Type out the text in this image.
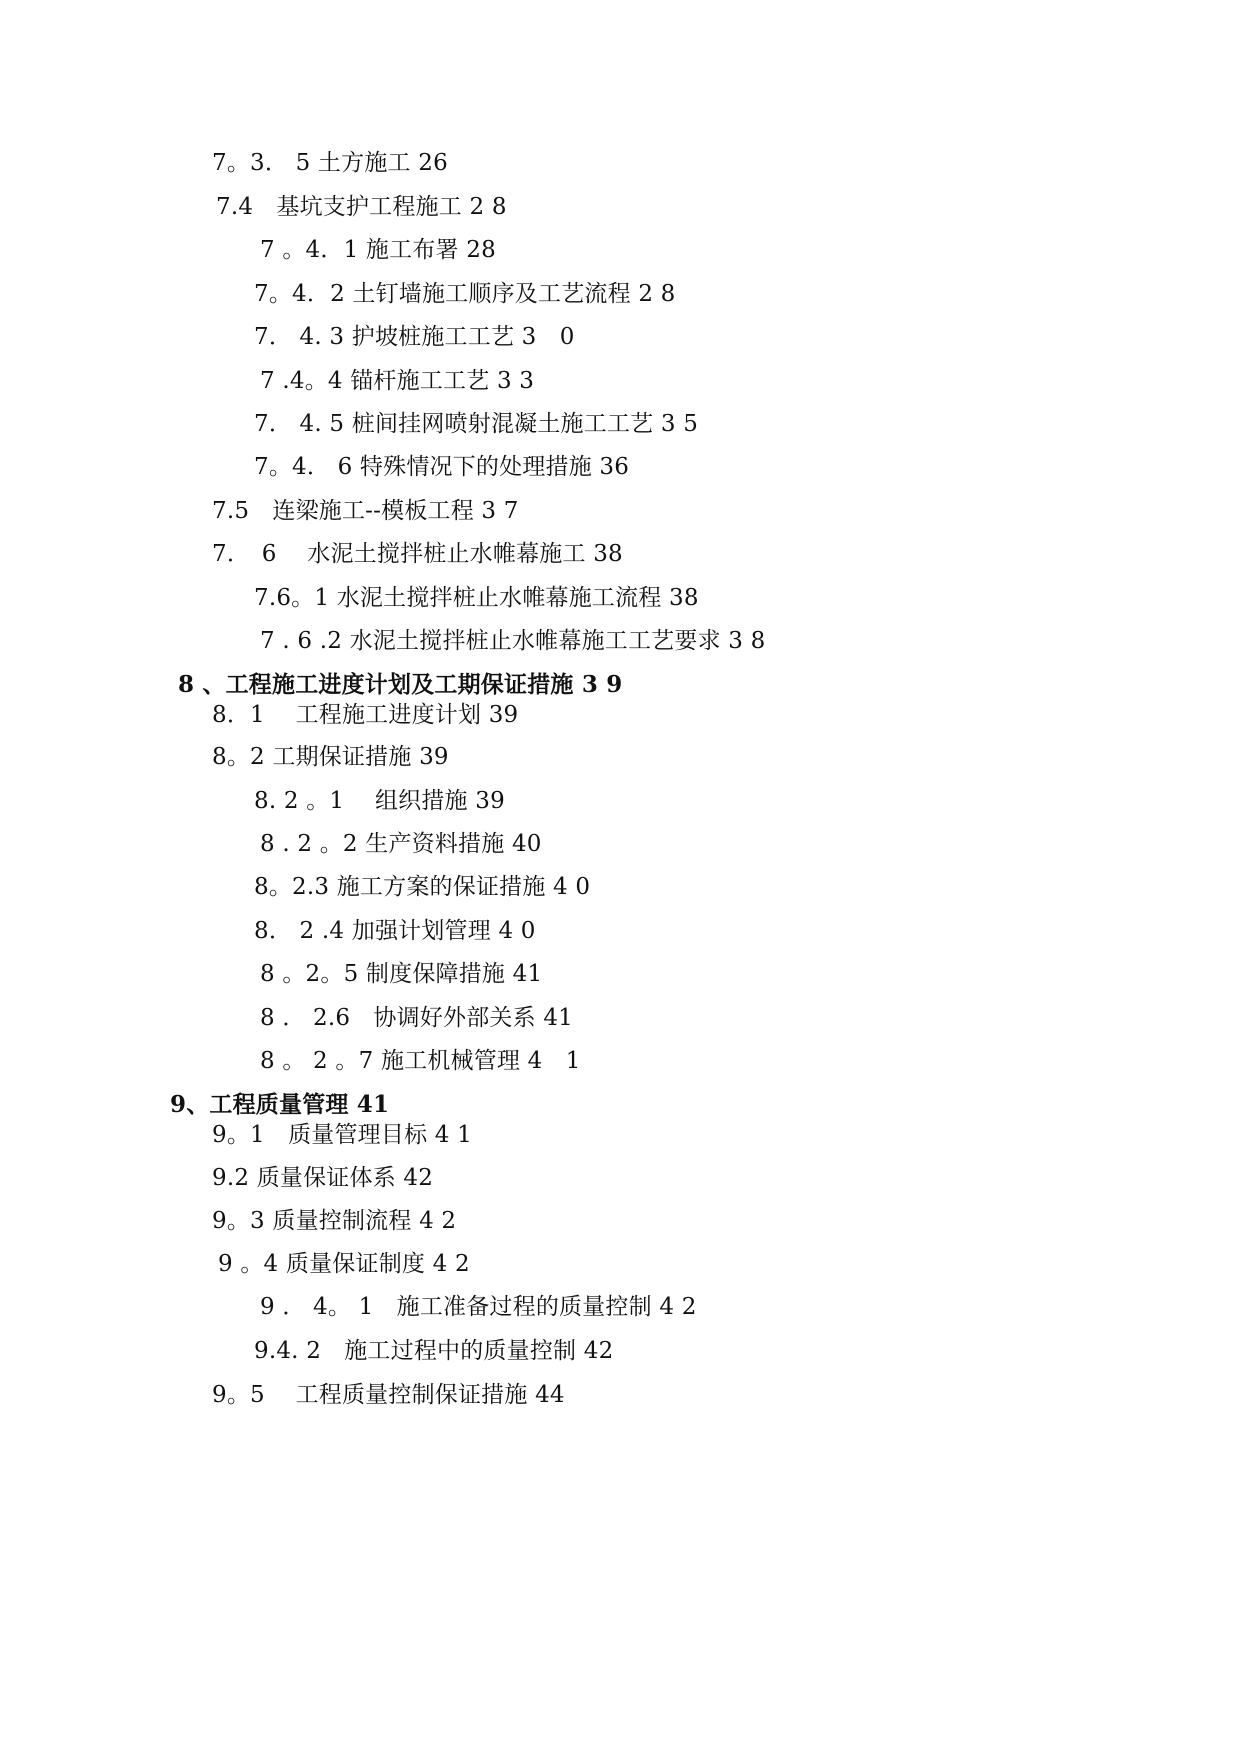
7。3． 5 土方施工 26
7.4　基坑支护工程施工 2 8
7 。4．1 施工布署 28
7。4．2 土钉墙施工顺序及工艺流程 2 8
7． 4. 3 护坡桩施工工艺 3　0
7 .4。4 锚杆施工工艺 3 3
7． 4. 5 桩间挂网喷射混凝土施工工艺 3 5
7。4． 6 特殊情况下的处理措施 36
7.5　连梁施工--模板工程 3 7
7．　6　 水泥土搅拌桩止水帷幕施工 38
7.6。1 水泥土搅拌桩止水帷幕施工流程 38
7 . 6 .2 水泥土搅拌桩止水帷幕施工工艺要求 3 8
8 、工程施工进度计划及工期保证措施 3 9
8．1　 工程施工进度计划 39
8。2 工期保证措施 39
8. 2 。1　 组织措施 39
8 . 2 。2 生产资料措施 40
8。2.3 施工方案的保证措施 4 0
8． 2 .4 加强计划管理 4 0
8 。2。5 制度保障措施 41
8 ． 2.6　协调好外部关系 41
8 。 2 。7 施工机械管理 4　1
9、工程质量管理 41
9。1　质量管理目标 4 1
9.2 质量保证体系 42
9。3 质量控制流程 4 2
9 。4 质量保证制度 4 2
9 ． 4。 1　施工准备过程的质量控制 4 2
9.4. 2　施工过程中的质量控制 42
9。5　 工程质量控制保证措施 44
